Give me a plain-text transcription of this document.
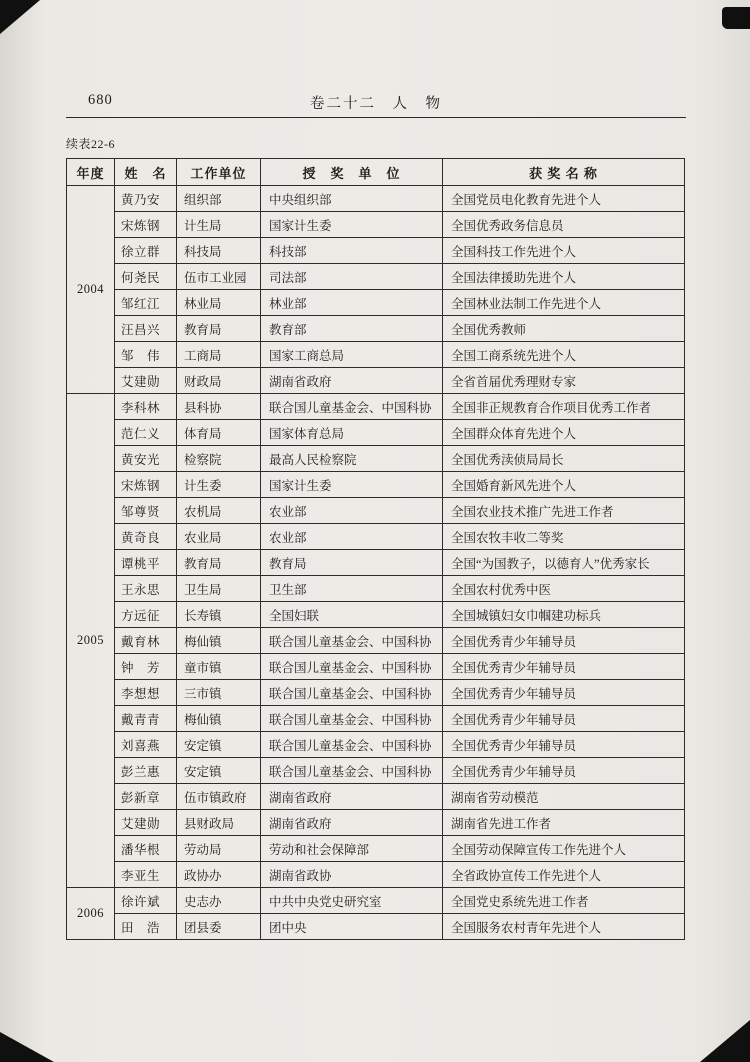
680	卷二十二　人　物
续表22-6
年度	姓　名	工作单位	授　奖　单　位	获 奖 名 称
2004	黄乃安	组织部	中央组织部	全国党员电化教育先进个人
	宋炼钢	计生局	国家计生委	全国优秀政务信息员
	徐立群	科技局	科技部	全国科技工作先进个人
	何尧民	伍市工业园	司法部	全国法律援助先进个人
	邹红江	林业局	林业部	全国林业法制工作先进个人
	汪昌兴	教育局	教育部	全国优秀教师
	邹　伟	工商局	国家工商总局	全国工商系统先进个人
	艾建勋	财政局	湖南省政府	全省首届优秀理财专家
2005	李科林	县科协	联合国儿童基金会、中国科协	全国非正规教育合作项目优秀工作者
	范仁义	体育局	国家体育总局	全国群众体育先进个人
	黄安光	检察院	最高人民检察院	全国优秀渎侦局局长
	宋炼钢	计生委	国家计生委	全国婚育新风先进个人
	邹尊贤	农机局	农业部	全国农业技术推广先进工作者
	黄奇良	农业局	农业部	全国农牧丰收二等奖
	谭桃平	教育局	教育局	全国“为国教子，以德育人”优秀家长
	王永思	卫生局	卫生部	全国农村优秀中医
	方远征	长寿镇	全国妇联	全国城镇妇女巾帼建功标兵
	戴育林	梅仙镇	联合国儿童基金会、中国科协	全国优秀青少年辅导员
	钟　芳	童市镇	联合国儿童基金会、中国科协	全国优秀青少年辅导员
	李想想	三市镇	联合国儿童基金会、中国科协	全国优秀青少年辅导员
	戴青青	梅仙镇	联合国儿童基金会、中国科协	全国优秀青少年辅导员
	刘喜燕	安定镇	联合国儿童基金会、中国科协	全国优秀青少年辅导员
	彭兰惠	安定镇	联合国儿童基金会、中国科协	全国优秀青少年辅导员
	彭新章	伍市镇政府	湖南省政府	湖南省劳动模范
	艾建勋	县财政局	湖南省政府	湖南省先进工作者
	潘华根	劳动局	劳动和社会保障部	全国劳动保障宣传工作先进个人
	李亚生	政协办	湖南省政协	全省政协宣传工作先进个人
2006	徐许斌	史志办	中共中央党史研究室	全国党史系统先进工作者
	田　浩	团县委	团中央	全国服务农村青年先进个人
